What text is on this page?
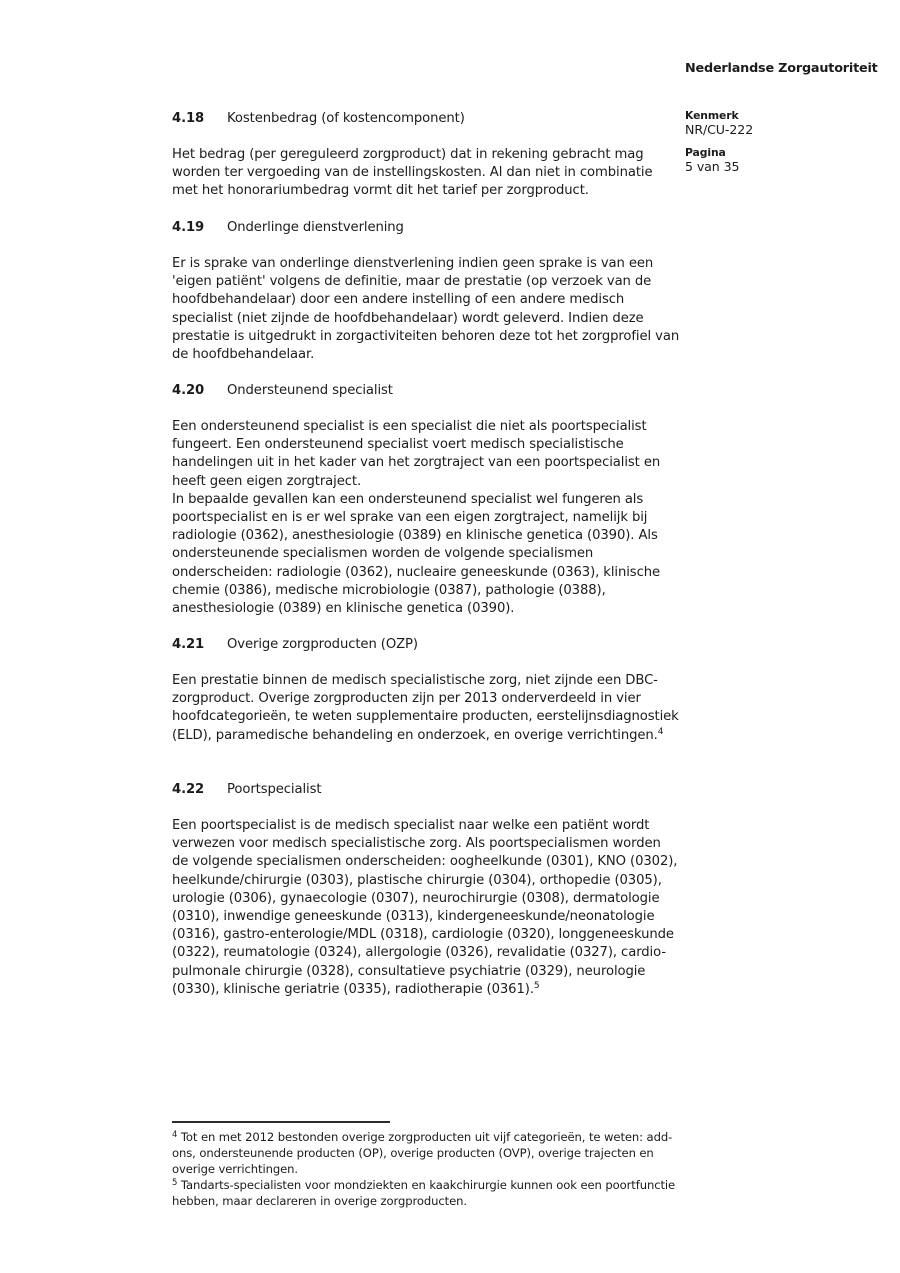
Nederlandse Zorgautoriteit
Kenmerk
NR/CU-222
Pagina
5 van 35

4.18 Kostenbedrag (of kostencomponent)

Het bedrag (per gereguleerd zorgproduct) dat in rekening gebracht mag worden ter vergoeding van de instellingskosten. Al dan niet in combinatie met het honorariumbedrag vormt dit het tarief per zorgproduct.

4.19 Onderlinge dienstverlening

Er is sprake van onderlinge dienstverlening indien geen sprake is van een 'eigen patiënt' volgens de definitie, maar de prestatie (op verzoek van de hoofdbehandelaar) door een andere instelling of een andere medisch specialist (niet zijnde de hoofdbehandelaar) wordt geleverd. Indien deze prestatie is uitgedrukt in zorgactiviteiten behoren deze tot het zorgprofiel van de hoofdbehandelaar.

4.20 Ondersteunend specialist

Een ondersteunend specialist is een specialist die niet als poortspecialist fungeert. Een ondersteunend specialist voert medisch specialistische handelingen uit in het kader van het zorgtraject van een poortspecialist en heeft geen eigen zorgtraject.

In bepaalde gevallen kan een ondersteunend specialist wel fungeren als poortspecialist en is er wel sprake van een eigen zorgtraject, namelijk bij radiologie (0362), anesthesiologie (0389) en klinische genetica (0390). Als ondersteunende specialismen worden de volgende specialismen onderscheiden: radiologie (0362), nucleaire geneeskunde (0363), klinische chemie (0386), medische microbiologie (0387), pathologie (0388), anesthesiologie (0389) en klinische genetica (0390).

4.21 Overige zorgproducten (OZP)

Een prestatie binnen de medisch specialistische zorg, niet zijnde een DBC-zorgproduct. Overige zorgproducten zijn per 2013 onderverdeeld in vier hoofdcategorieën, te weten supplementaire producten, eerstelijnsdiagnostiek (ELD), paramedische behandeling en onderzoek, en overige verrichtingen.$^4$

4.22 Poortspecialist

Een poortspecialist is de medisch specialist naar welke een patiënt wordt verwezen voor medisch specialistische zorg. Als poortspecialismen worden de volgende specialismen onderscheiden: oogheelkunde (0301), KNO (0302), heelkunde/chirurgie (0303), plastische chirurgie (0304), orthopedie (0305), urologie (0306), gynaecologie (0307), neurochirurgie (0308), dermatologie (0310), inwendige geneeskunde (0313), kindergeneeskunde/neonatologie (0316), gastro-enterologie/MDL (0318), cardiologie (0320), longgeneeskunde (0322), reumatologie (0324), allergologie (0326), revalidatie (0327), cardio-pulmonale chirurgie (0328), consultatieve psychiatrie (0329), neurologie (0330), klinische geriatrie (0335), radiotherapie (0361).$^5$

$^4$ Tot en met 2012 bestonden overige zorgproducten uit vijf categorieën, te weten: add-ons, ondersteunende producten (OP), overige producten (OVP), overige trajecten en overige verrichtingen.

$^5$ Tandarts-specialisten voor mondziekten en kaakchirurgie kunnen ook een poortfunctie hebben, maar declareren in overige zorgproducten.
